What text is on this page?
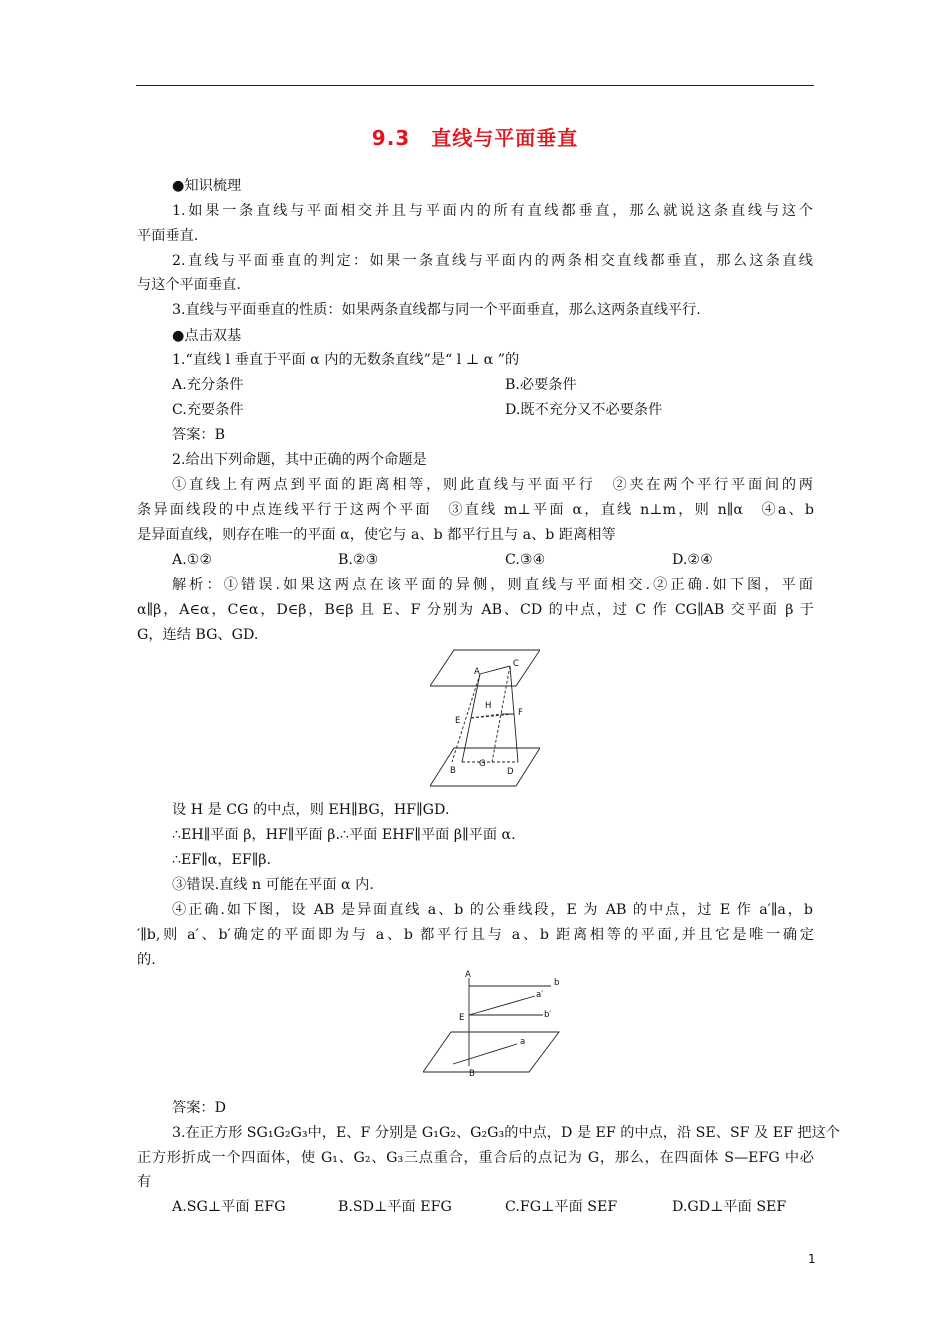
9.3　直线与平面垂直
●知识梳理
1.如果一条直线与平面相交并且与平面内的所有直线都垂直，那么就说这条直线与这个
平面垂直.
2.直线与平面垂直的判定：如果一条直线与平面内的两条相交直线都垂直，那么这条直线
与这个平面垂直.
3.直线与平面垂直的性质：如果两条直线都与同一个平面垂直，那么这两条直线平行.
●点击双基
1.“直线 l 垂直于平面 α 内的无数条直线”是“ l ⊥ α ”的
A.充分条件	B.必要条件
C.充要条件	D.既不充分又不必要条件
答案：B
2.给出下列命题，其中正确的两个命题是
①直线上有两点到平面的距离相等，则此直线与平面平行　②夹在两个平行平面间的两
条异面线段的中点连线平行于这两个平面　③直线 m⊥平面 α，直线 n⊥m，则 n∥α　④a、b
是异面直线，则存在唯一的平面 α，使它与 a、b 都平行且与 a、b 距离相等
A.①②	B.②③	C.③④	D.②④
解析：①错误.如果这两点在该平面的异侧，则直线与平面相交.②正确.如下图，平面
α∥β，A∈α，C∈α，D∈β，B∈β 且 E、F 分别为 AB、CD 的中点，过 C 作 CG∥AB 交平面 β 于
G，连结 BG、GD.
A
C
H
E
F
B
G
D
设 H 是 CG 的中点，则 EH∥BG，HF∥GD.
∴EH∥平面 β，HF∥平面 β.∴平面 EHF∥平面 β∥平面 α.
∴EF∥α，EF∥β.
③错误.直线 n 可能在平面 α 内.
④正确.如下图，设 AB 是异面直线 a、b 的公垂线段，E 为 AB 的中点，过 E 作 a′∥a，b
′∥b,则 a′、b′确定的平面即为与 a、b 都平行且与 a、b 距离相等的平面,并且它是唯一确定
的.
A
b
a′
E	b′
a
B
答案：D
3.在正方形 SG₁G₂G₃中，E、F 分别是 G₁G₂、G₂G₃的中点，D 是 EF 的中点，沿 SE、SF 及 EF 把这个
正方形折成一个四面体，使 G₁、G₂、G₃三点重合，重合后的点记为 G，那么，在四面体 S—EFG 中必
有
A.SG⊥平面 EFG	B.SD⊥平面 EFG	C.FG⊥平面 SEF	D.GD⊥平面 SEF
1
